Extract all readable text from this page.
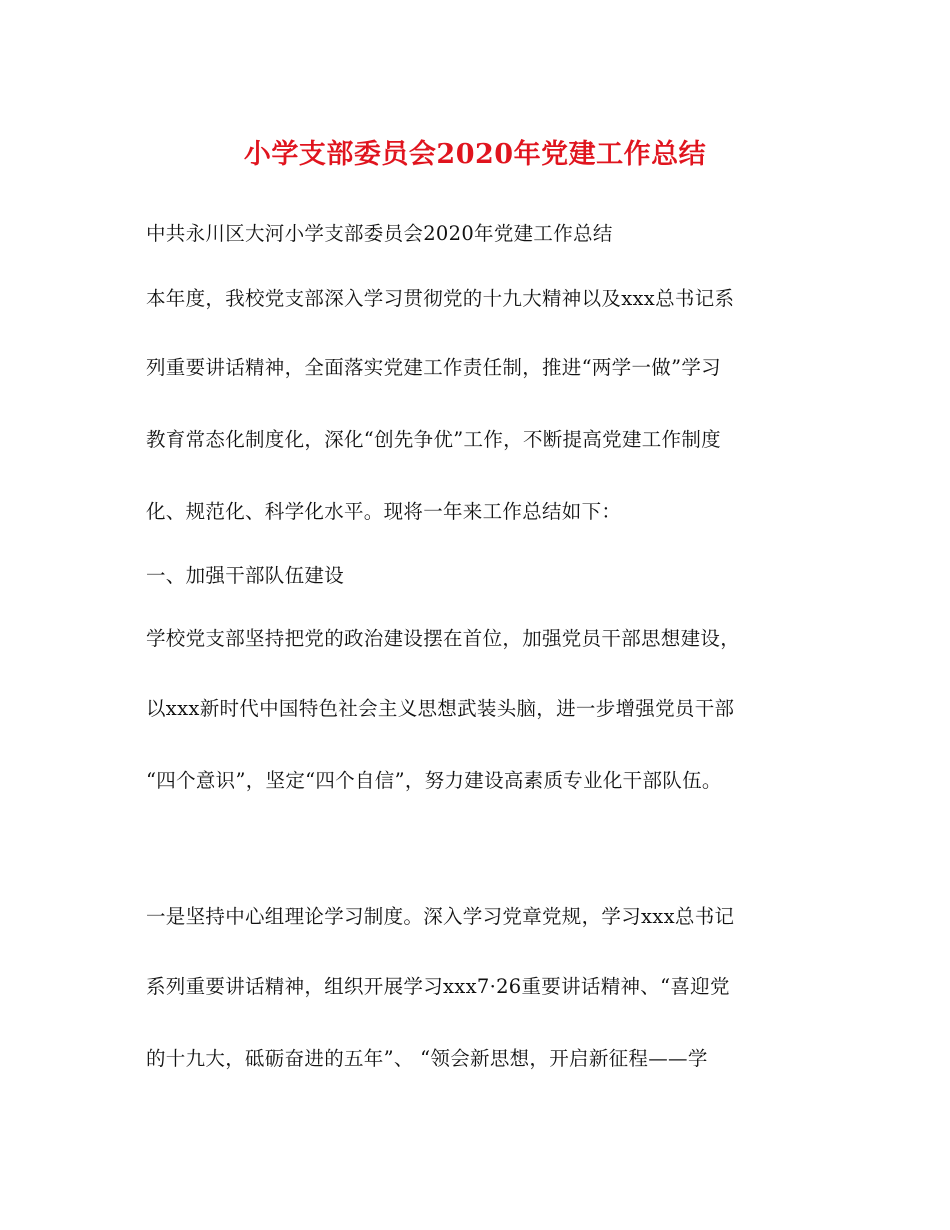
小学支部委员会2020年党建工作总结
中共永川区大河小学支部委员会2020年党建工作总结
本年度，我校党支部深入学习贯彻党的十九大精神以及xxx总书记系
列重要讲话精神，全面落实党建工作责任制，推进“两学一做”学习
教育常态化制度化，深化“创先争优”工作，不断提高党建工作制度
化、规范化、科学化水平。现将一年来工作总结如下：
一、加强干部队伍建设
学校党支部坚持把党的政治建设摆在首位，加强党员干部思想建设，
以xxx新时代中国特色社会主义思想武装头脑，进一步增强党员干部
“四个意识”，坚定“四个自信”，努力建设高素质专业化干部队伍。
一是坚持中心组理论学习制度。深入学习党章党规，学习xxx总书记
系列重要讲话精神，组织开展学习xxx7·26重要讲话精神、“喜迎党
的十九大，砥砺奋进的五年”、 “领会新思想，开启新征程——学
